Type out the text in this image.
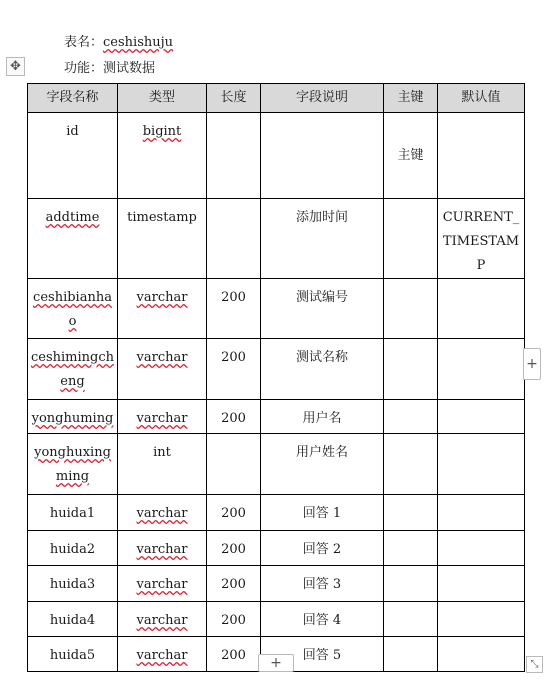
表名：ceshishuju
功能：测试数据
✥
字段名称	类型	长度	字段说明	主键	默认值
id	bigint			主键	
addtime	timestamp		添加时间		CURRENT_TIMESTAMP
ceshibianhao	varchar	200	测试编号		
ceshimingcheng	varchar	200	测试名称		
yonghuming	varchar	200	用户名		
yonghuxingming	int		用户姓名		
huida1	varchar	200	回答 1		
huida2	varchar	200	回答 2		
huida3	varchar	200	回答 3		
huida4	varchar	200	回答 4		
huida5	varchar	200	回答 5		
+
+	⤡
